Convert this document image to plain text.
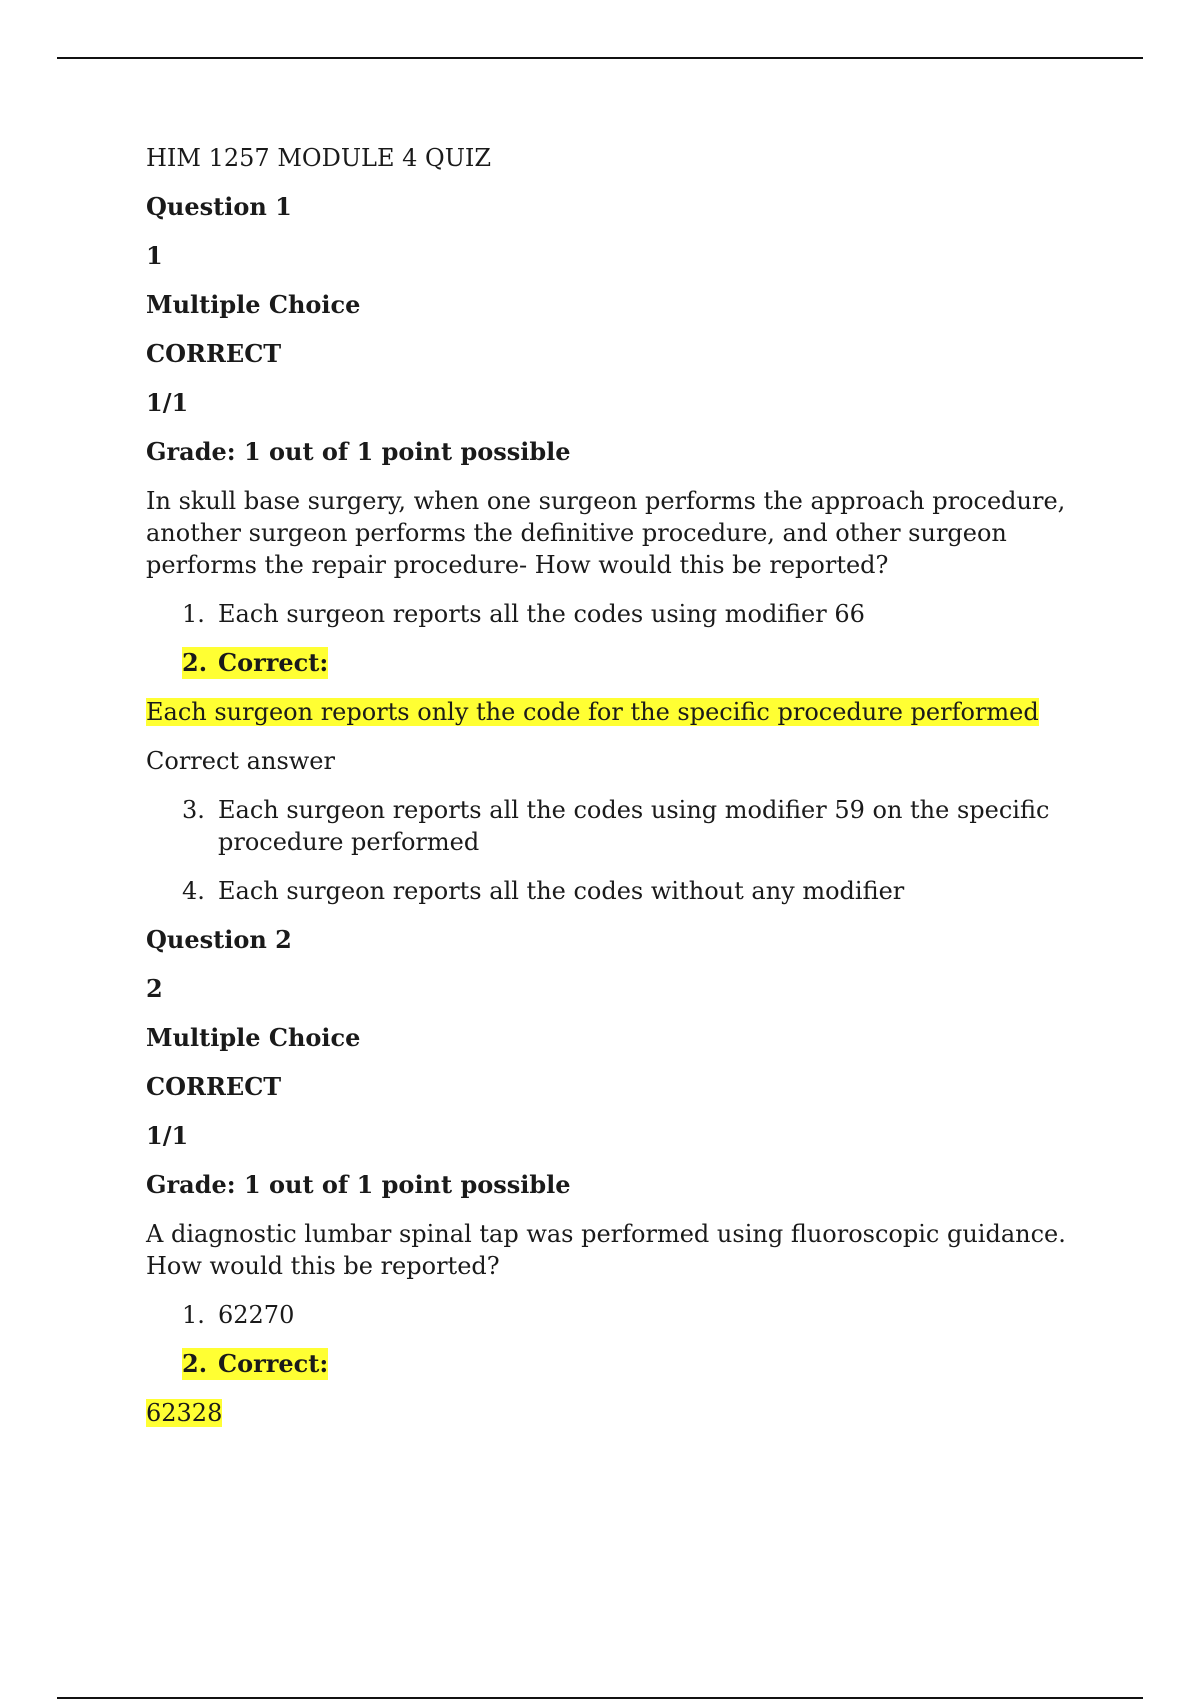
HIM 1257 MODULE 4 QUIZ
Question 1
1
Multiple Choice
CORRECT
1/1
Grade: 1 out of 1 point possible
In skull base surgery, when one surgeon performs the approach procedure, another surgeon performs the definitive procedure, and other surgeon performs the repair procedure- How would this be reported?
1. Each surgeon reports all the codes using modifier 66
2. Correct:
Each surgeon reports only the code for the specific procedure performed
Correct answer
3. Each surgeon reports all the codes using modifier 59 on the specific procedure performed
4. Each surgeon reports all the codes without any modifier
Question 2
2
Multiple Choice
CORRECT
1/1
Grade: 1 out of 1 point possible
A diagnostic lumbar spinal tap was performed using fluoroscopic guidance. How would this be reported?
1. 62270
2. Correct:
62328
